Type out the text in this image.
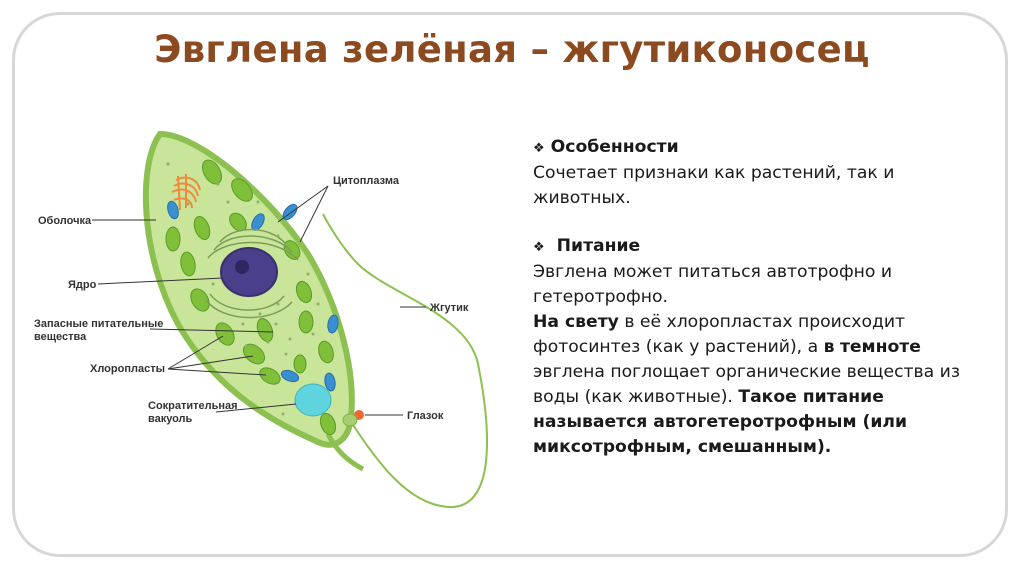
Эвглена зелёная – жгутиконосец
Цитоплазма
Оболочка
Ядро
Запасные питательные
вещества
Хлоропласты
Сократительная
вакуоль
Жгутик
Глазок

❖ Особенности

Сочетает признаки как растений, так и животных.

❖ Питание

Эвглена может питаться автотрофно и гетеротрофно.

На свету в её хлоропластах происходит фотосинтез (как у растений), а в темноте эвглена поглощает органические вещества из воды (как животные). Такое питание называется автогетеротрофным (или миксотрофным, смешанным).
